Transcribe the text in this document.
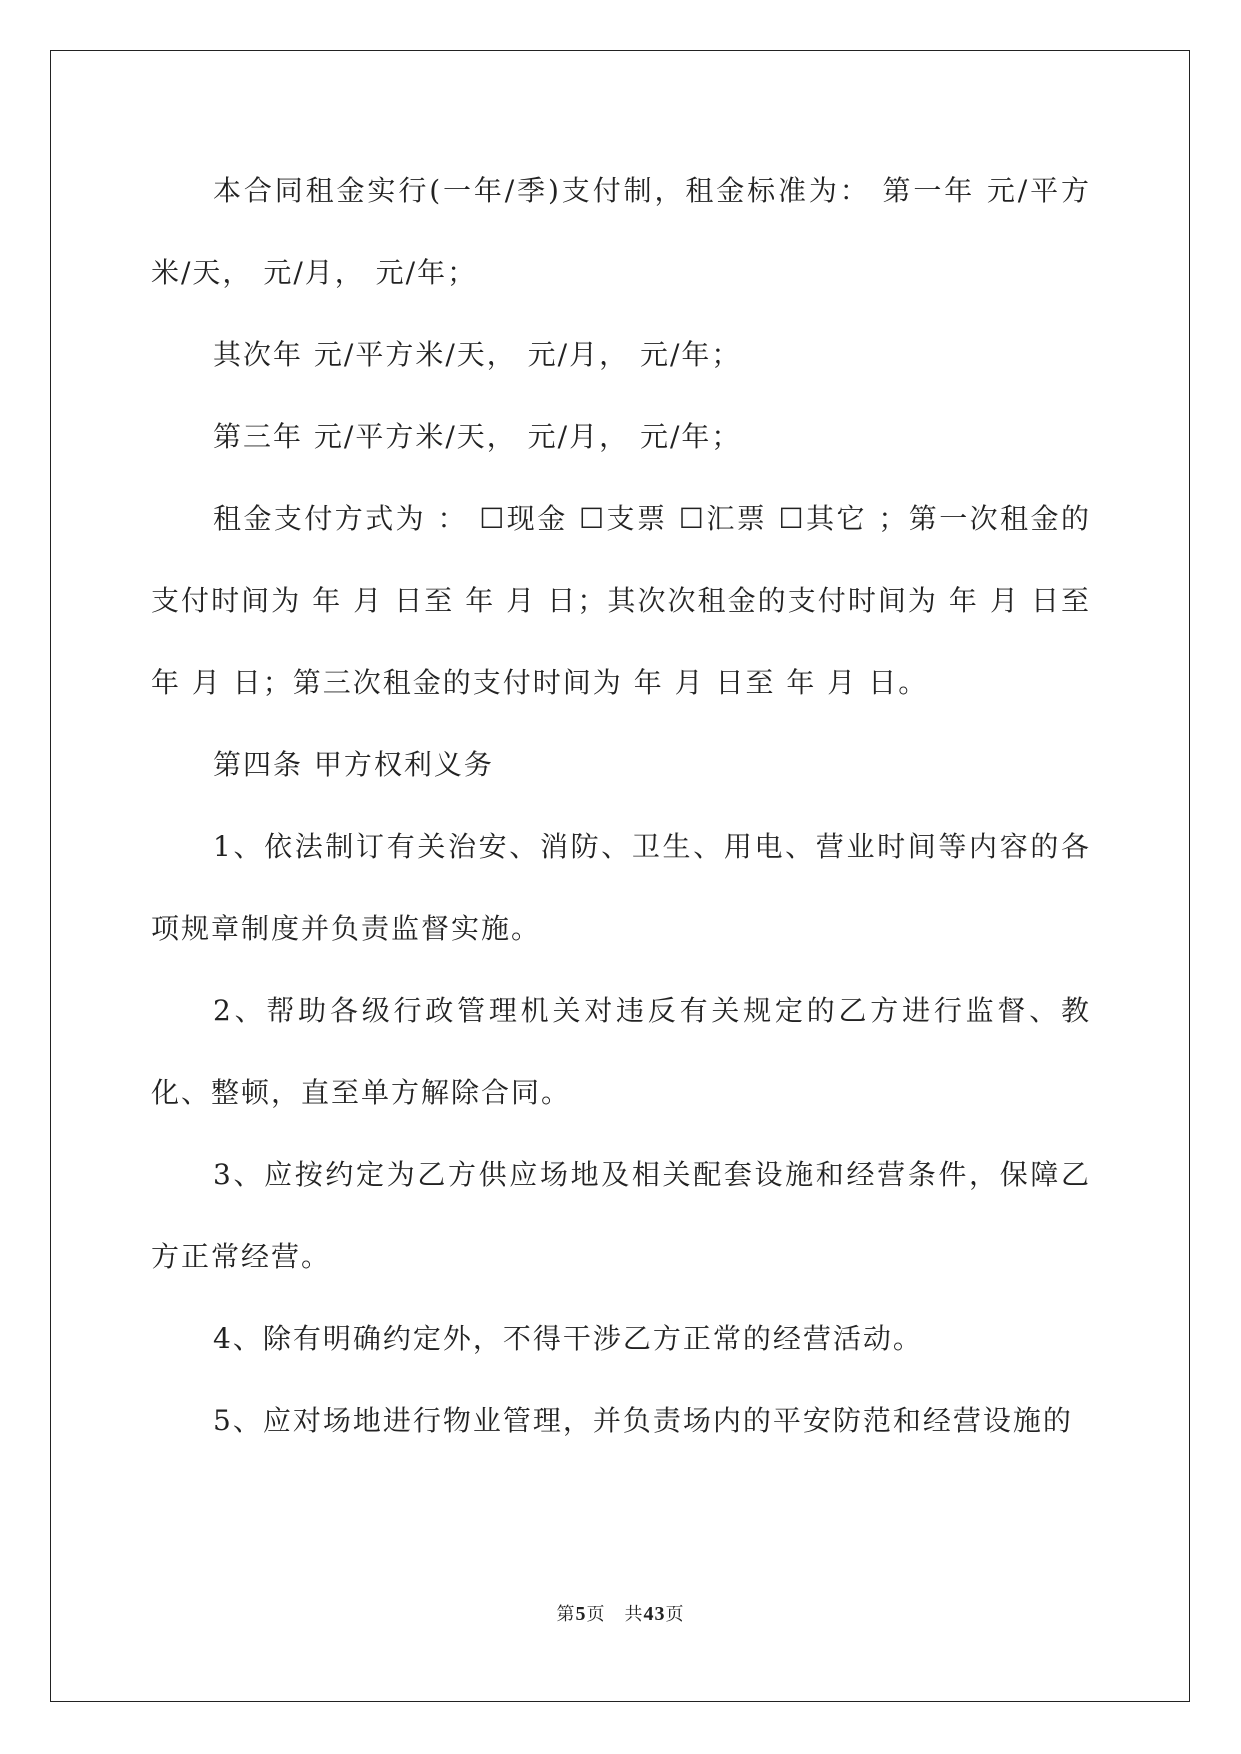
本合同租金实行(一年/季)支付制，租金标准为： 第一年 元/平方米/天， 元/月， 元/年；

其次年 元/平方米/天， 元/月， 元/年；

第三年 元/平方米/天， 元/月， 元/年；

租金支付方式为 ： ☐现金 ☐支票 ☐汇票 ☐其它 ；第一次租金的支付时间为 年 月 日至 年 月 日；其次次租金的支付时间为 年 月 日至 年 月 日；第三次租金的支付时间为 年 月 日至 年 月 日。

第四条 甲方权利义务

1、依法制订有关治安、消防、卫生、用电、营业时间等内容的各项规章制度并负责监督实施。

2、帮助各级行政管理机关对违反有关规定的乙方进行监督、教化、整顿，直至单方解除合同。

3、应按约定为乙方供应场地及相关配套设施和经营条件，保障乙方正常经营。

4、除有明确约定外，不得干涉乙方正常的经营活动。

5、应对场地进行物业管理，并负责场内的平安防范和经营设施的

第5页　共43页
